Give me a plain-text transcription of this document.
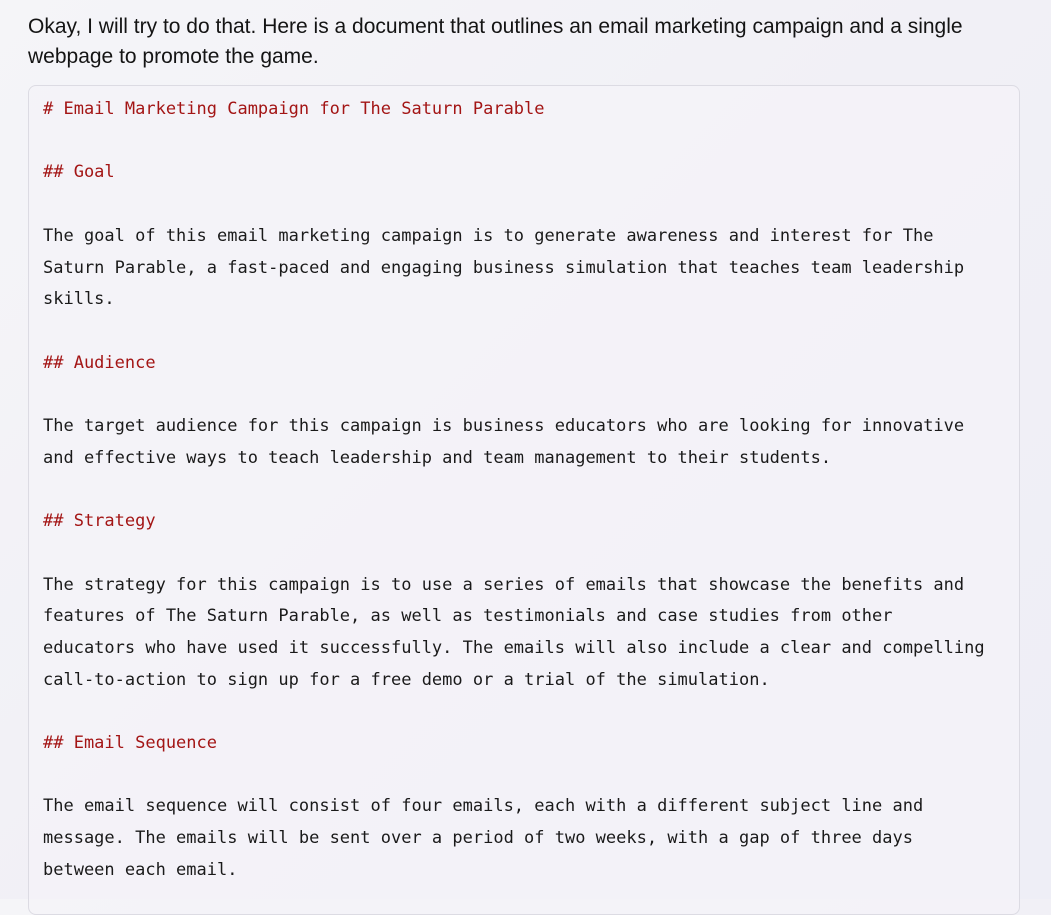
Okay, I will try to do that. Here is a document that outlines an email marketing campaign and a single webpage to promote the game.

# Email Marketing Campaign for The Saturn Parable

## Goal

The goal of this email marketing campaign is to generate awareness and interest for The
Saturn Parable, a fast-paced and engaging business simulation that teaches team leadership
skills.

## Audience

The target audience for this campaign is business educators who are looking for innovative
and effective ways to teach leadership and team management to their students.

## Strategy

The strategy for this campaign is to use a series of emails that showcase the benefits and
features of The Saturn Parable, as well as testimonials and case studies from other
educators who have used it successfully. The emails will also include a clear and compelling
call-to-action to sign up for a free demo or a trial of the simulation.

## Email Sequence

The email sequence will consist of four emails, each with a different subject line and
message. The emails will be sent over a period of two weeks, with a gap of three days
between each email.
